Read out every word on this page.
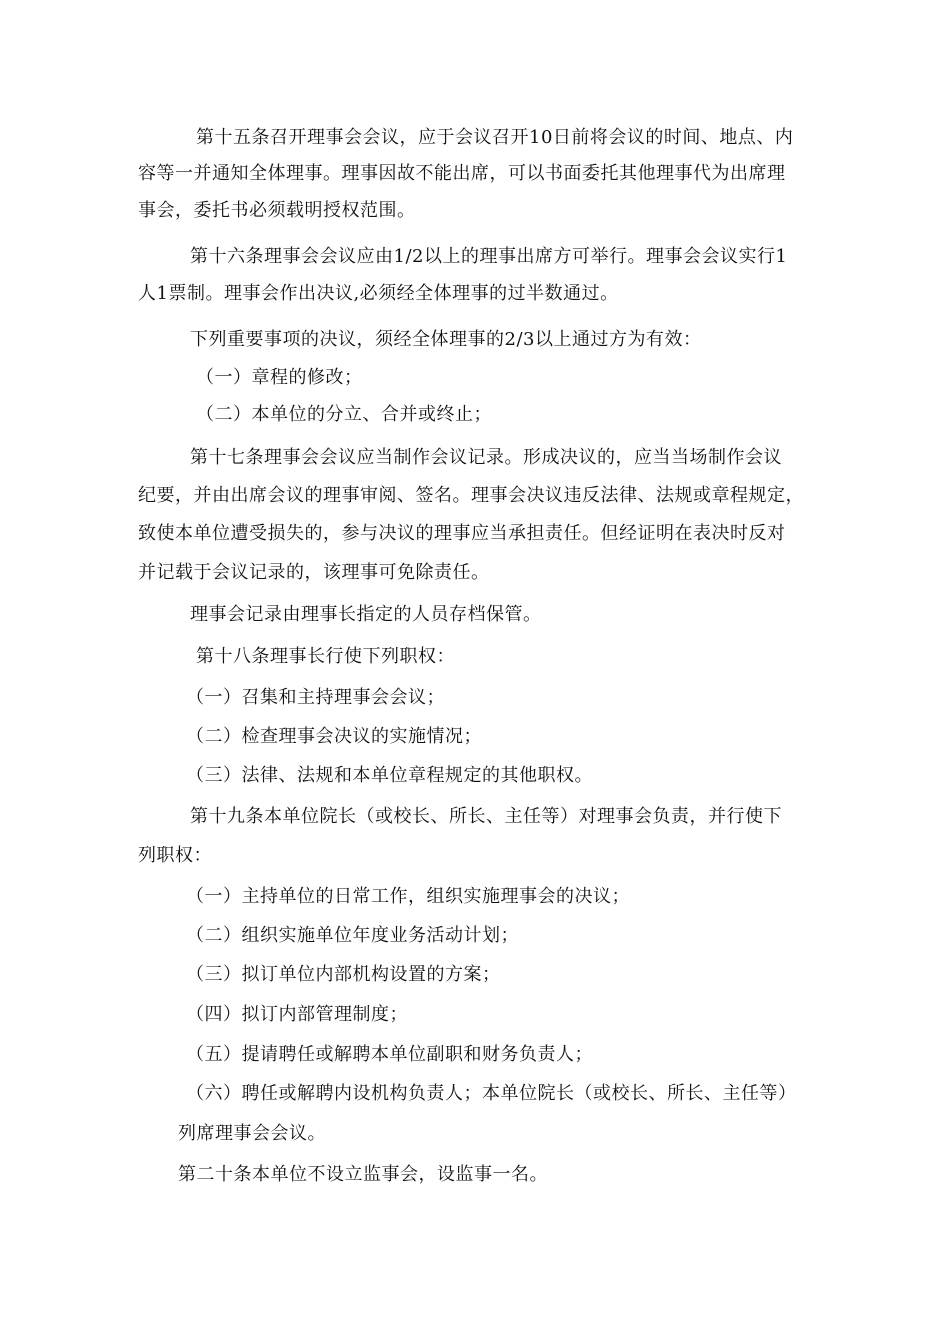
第十五条召开理事会会议，应于会议召开10日前将会议的时间、地点、内
容等一并通知全体理事。理事因故不能出席，可以书面委托其他理事代为出席理
事会，委托书必须载明授权范围。
第十六条理事会会议应由1/2以上的理事出席方可举行。理事会会议实行1
人1票制。理事会作出决议,必须经全体理事的过半数通过。
下列重要事项的决议，须经全体理事的2/3以上通过方为有效：
（一）章程的修改；
（二）本单位的分立、合并或终止；
第十七条理事会会议应当制作会议记录。形成决议的，应当当场制作会议
纪要，并由出席会议的理事审阅、签名。理事会决议违反法律、法规或章程规定，
致使本单位遭受损失的，参与决议的理事应当承担责任。但经证明在表决时反对
并记载于会议记录的，该理事可免除责任。
理事会记录由理事长指定的人员存档保管。
第十八条理事长行使下列职权：
（一）召集和主持理事会会议；
（二）检查理事会决议的实施情况；
（三）法律、法规和本单位章程规定的其他职权。
第十九条本单位院长（或校长、所长、主任等）对理事会负责，并行使下
列职权：
（一）主持单位的日常工作，组织实施理事会的决议；
（二）组织实施单位年度业务活动计划；
（三）拟订单位内部机构设置的方案；
（四）拟订内部管理制度；
（五）提请聘任或解聘本单位副职和财务负责人；
（六）聘任或解聘内设机构负责人；本单位院长（或校长、所长、主任等）
列席理事会会议。
第二十条本单位不设立监事会，设监事一名。
